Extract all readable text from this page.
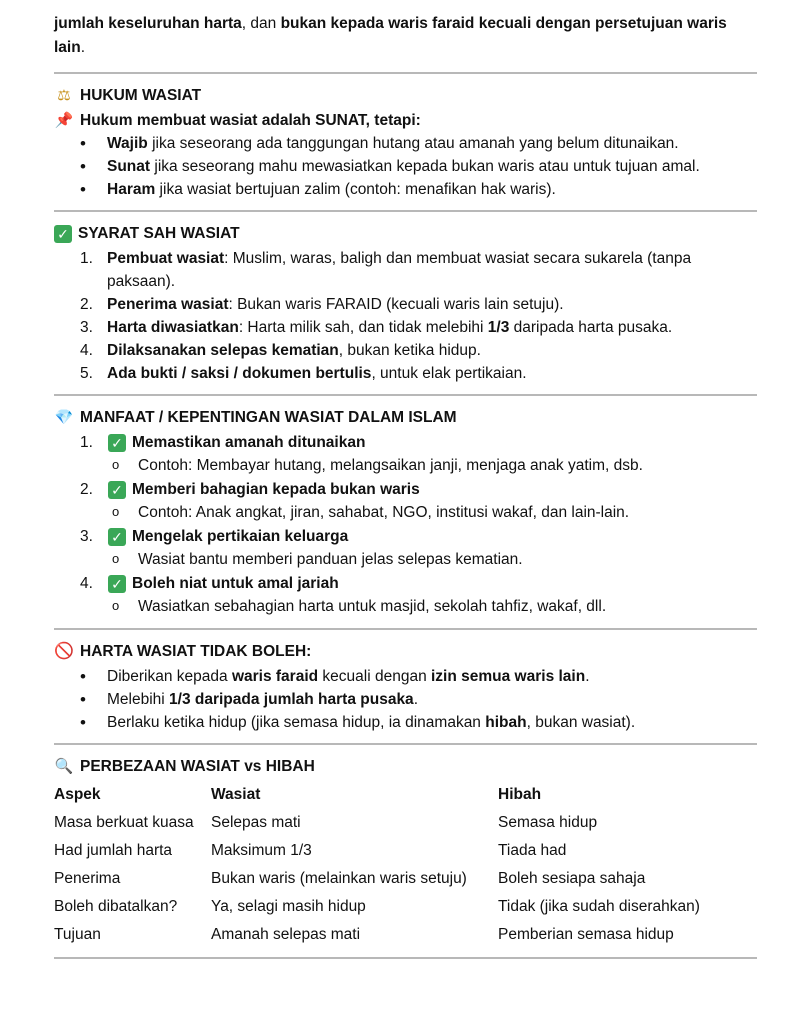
jumlah keseluruhan harta, dan bukan kepada waris faraid kecuali dengan persetujuan waris lain.

⚖ HUKUM WASIAT
📌 Hukum membuat wasiat adalah SUNAT, tetapi:
• Wajib jika seseorang ada tanggungan hutang atau amanah yang belum ditunaikan.
• Sunat jika seseorang mahu mewasiatkan kepada bukan waris atau untuk tujuan amal.
• Haram jika wasiat bertujuan zalim (contoh: menafikan hak waris).
✓ SYARAT SAH WASIAT
1. Pembuat wasiat: Muslim, waras, baligh dan membuat wasiat secara sukarela (tanpa paksaan).
2. Penerima wasiat: Bukan waris FARAID (kecuali waris lain setuju).
3. Harta diwasiatkan: Harta milik sah, dan tidak melebihi 1/3 daripada harta pusaka.
4. Dilaksanakan selepas kematian, bukan ketika hidup.
5. Ada bukti / saksi / dokumen bertulis, untuk elak pertikaian.
💎 MANFAAT / KEPENTINGAN WASIAT DALAM ISLAM
1.	✓ Memastikan amanah ditunaikan
o Contoh: Membayar hutang, melangsaikan janji, menjaga anak yatim, dsb.
2.	✓ Memberi bahagian kepada bukan waris
o Contoh: Anak angkat, jiran, sahabat, NGO, institusi wakaf, dan lain-lain.
3.	✓ Mengelak pertikaian keluarga
o Wasiat bantu memberi panduan jelas selepas kematian.
4.	✓ Boleh niat untuk amal jariah
o Wasiatkan sebahagian harta untuk masjid, sekolah tahfiz, wakaf, dll.
🚫 HARTA WASIAT TIDAK BOLEH:
• Diberikan kepada waris faraid kecuali dengan izin semua waris lain.
• Melebihi 1/3 daripada jumlah harta pusaka.
• Berlaku ketika hidup (jika semasa hidup, ia dinamakan hibah, bukan wasiat).
🔍 PERBEZAAN WASIAT vs HIBAH
Aspek	Wasiat	Hibah
Masa berkuat kuasa	Selepas mati	Semasa hidup
Had jumlah harta	Maksimum 1/3	Tiada had
Penerima	Bukan waris (melainkan waris setuju)	Boleh sesiapa sahaja
Boleh dibatalkan?	Ya, selagi masih hidup	Tidak (jika sudah diserahkan)
Tujuan	Amanah selepas mati	Pemberian semasa hidup
